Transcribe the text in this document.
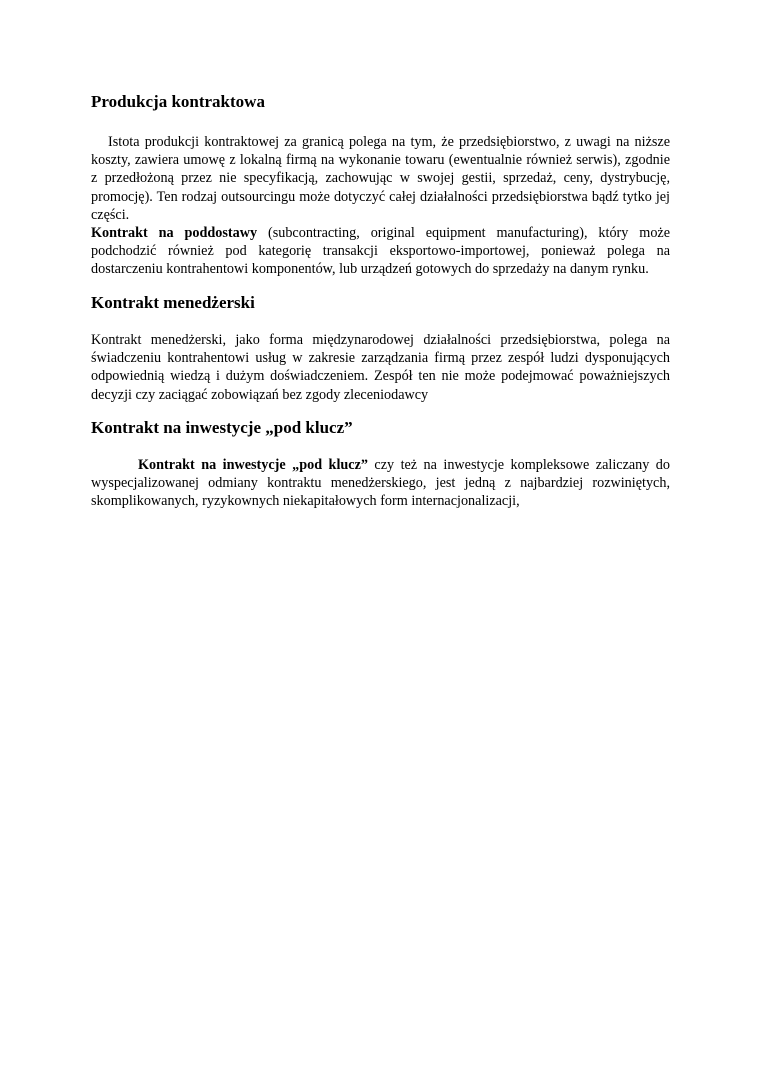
Produkcja kontraktowa

Istota produkcji kontraktowej za granicą polega na tym, że przedsiębiorstwo, z uwagi na niższe koszty, zawiera umowę z lokalną firmą na wykonanie towaru (ewentualnie również serwis), zgodnie z przedłożoną przez nie specyfikacją, zachowując w swojej gestii, sprzedaż, ceny, dystrybucję, promocję). Ten rodzaj outsourcingu może dotyczyć całej działalności przedsiębiorstwa bądź tytko jej części.

Kontrakt na poddostawy (subcontracting, original equipment manufacturing), który może podchodzić również pod kategorię transakcji eksportowo-importowej, ponieważ polega na dostarczeniu kontrahentowi komponentów, lub urządzeń gotowych do sprzedaży na danym rynku.

Kontrakt menedżerski

Kontrakt menedżerski, jako forma międzynarodowej działalności przedsiębiorstwa, polega na świadczeniu kontrahentowi usług w zakresie zarządzania firmą przez zespół ludzi dysponujących odpowiednią wiedzą i dużym doświadczeniem. Zespół ten nie może podejmować poważniejszych decyzji czy zaciągać zobowiązań bez zgody zleceniodawcy

Kontrakt na inwestycje „pod klucz”

Kontrakt na inwestycje „pod klucz” czy też na inwestycje kompleksowe zaliczany do wyspecjalizowanej odmiany kontraktu menedżerskiego, jest jedną z najbardziej rozwiniętych, skomplikowanych, ryzykownych niekapitałowych form internacjonalizacji,
